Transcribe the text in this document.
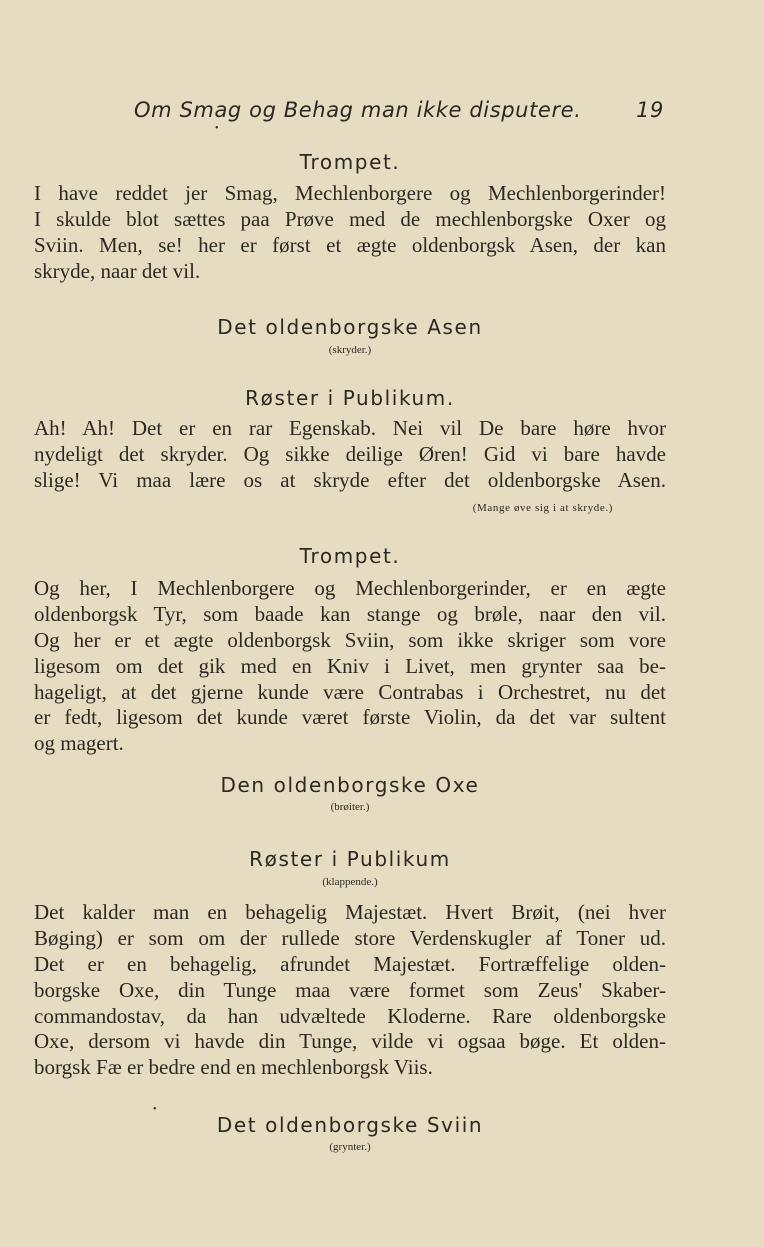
Om Smag og Behag man ikke disputere.	19
Trompet.
I have reddet jer Smag, Mechlenborgere og Mechlenborgerinder!
I skulde blot sættes paa Prøve med de mechlenborgske Oxer og
Sviin. Men, se! her er først et ægte oldenborgsk Asen, der kan
skryde, naar det vil.
Det oldenborgske Asen
(skryder.)
Røster i Publikum.
Ah! Ah! Det er en rar Egenskab. Nei vil De bare høre hvor
nydeligt det skryder. Og sikke deilige Øren! Gid vi bare havde
slige! Vi maa lære os at skryde efter det oldenborgske Asen.
(Mange øve sig i at skryde.)
Trompet.
Og her, I Mechlenborgere og Mechlenborgerinder, er en ægte
oldenborgsk Tyr, som baade kan stange og brøle, naar den vil.
Og her er et ægte oldenborgsk Sviin, som ikke skriger som vore
ligesom om det gik med en Kniv i Livet, men grynter saa be-
hageligt, at det gjerne kunde være Contrabas i Orchestret, nu det
er fedt, ligesom det kunde været første Violin, da det var sultent
og magert.
Den oldenborgske Oxe
(brøiter.)
Røster i Publikum
(klappende.)
Det kalder man en behagelig Majestæt. Hvert Brøit, (nei hver
Bøging) er som om der rullede store Verdenskugler af Toner ud.
Det er en behagelig, afrundet Majestæt. Fortræffelige olden-
borgske Oxe, din Tunge maa være formet som Zeus' Skaber-
commandostav, da han udvæltede Kloderne. Rare oldenborgske
Oxe, dersom vi havde din Tunge, vilde vi ogsaa bøge. Et olden-
borgsk Fæ er bedre end en mechlenborgsk Viis.
Det oldenborgske Sviin
(grynter.)
•
•
